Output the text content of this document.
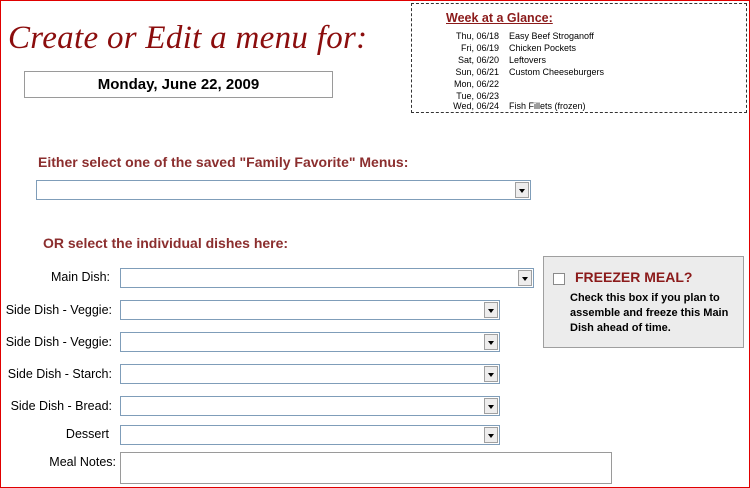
Create or Edit a menu for:
Monday, June 22, 2009
Week at a Glance:
Thu, 06/18 Easy Beef Stroganoff
Fri, 06/19 Chicken Pockets
Sat, 06/20 Leftovers
Sun, 06/21 Custom Cheeseburgers
Mon, 06/22
Tue, 06/23
Wed, 06/24 Fish Fillets (frozen)
Either select one of the saved "Family Favorite" Menus:
OR select the individual dishes here:
Main Dish:
Side Dish - Veggie:
Side Dish - Veggie:
Side Dish - Starch:
Side Dish - Bread:
Dessert
Meal Notes:
FREEZER MEAL?
Check this box if you plan to assemble and freeze this Main Dish ahead of time.
